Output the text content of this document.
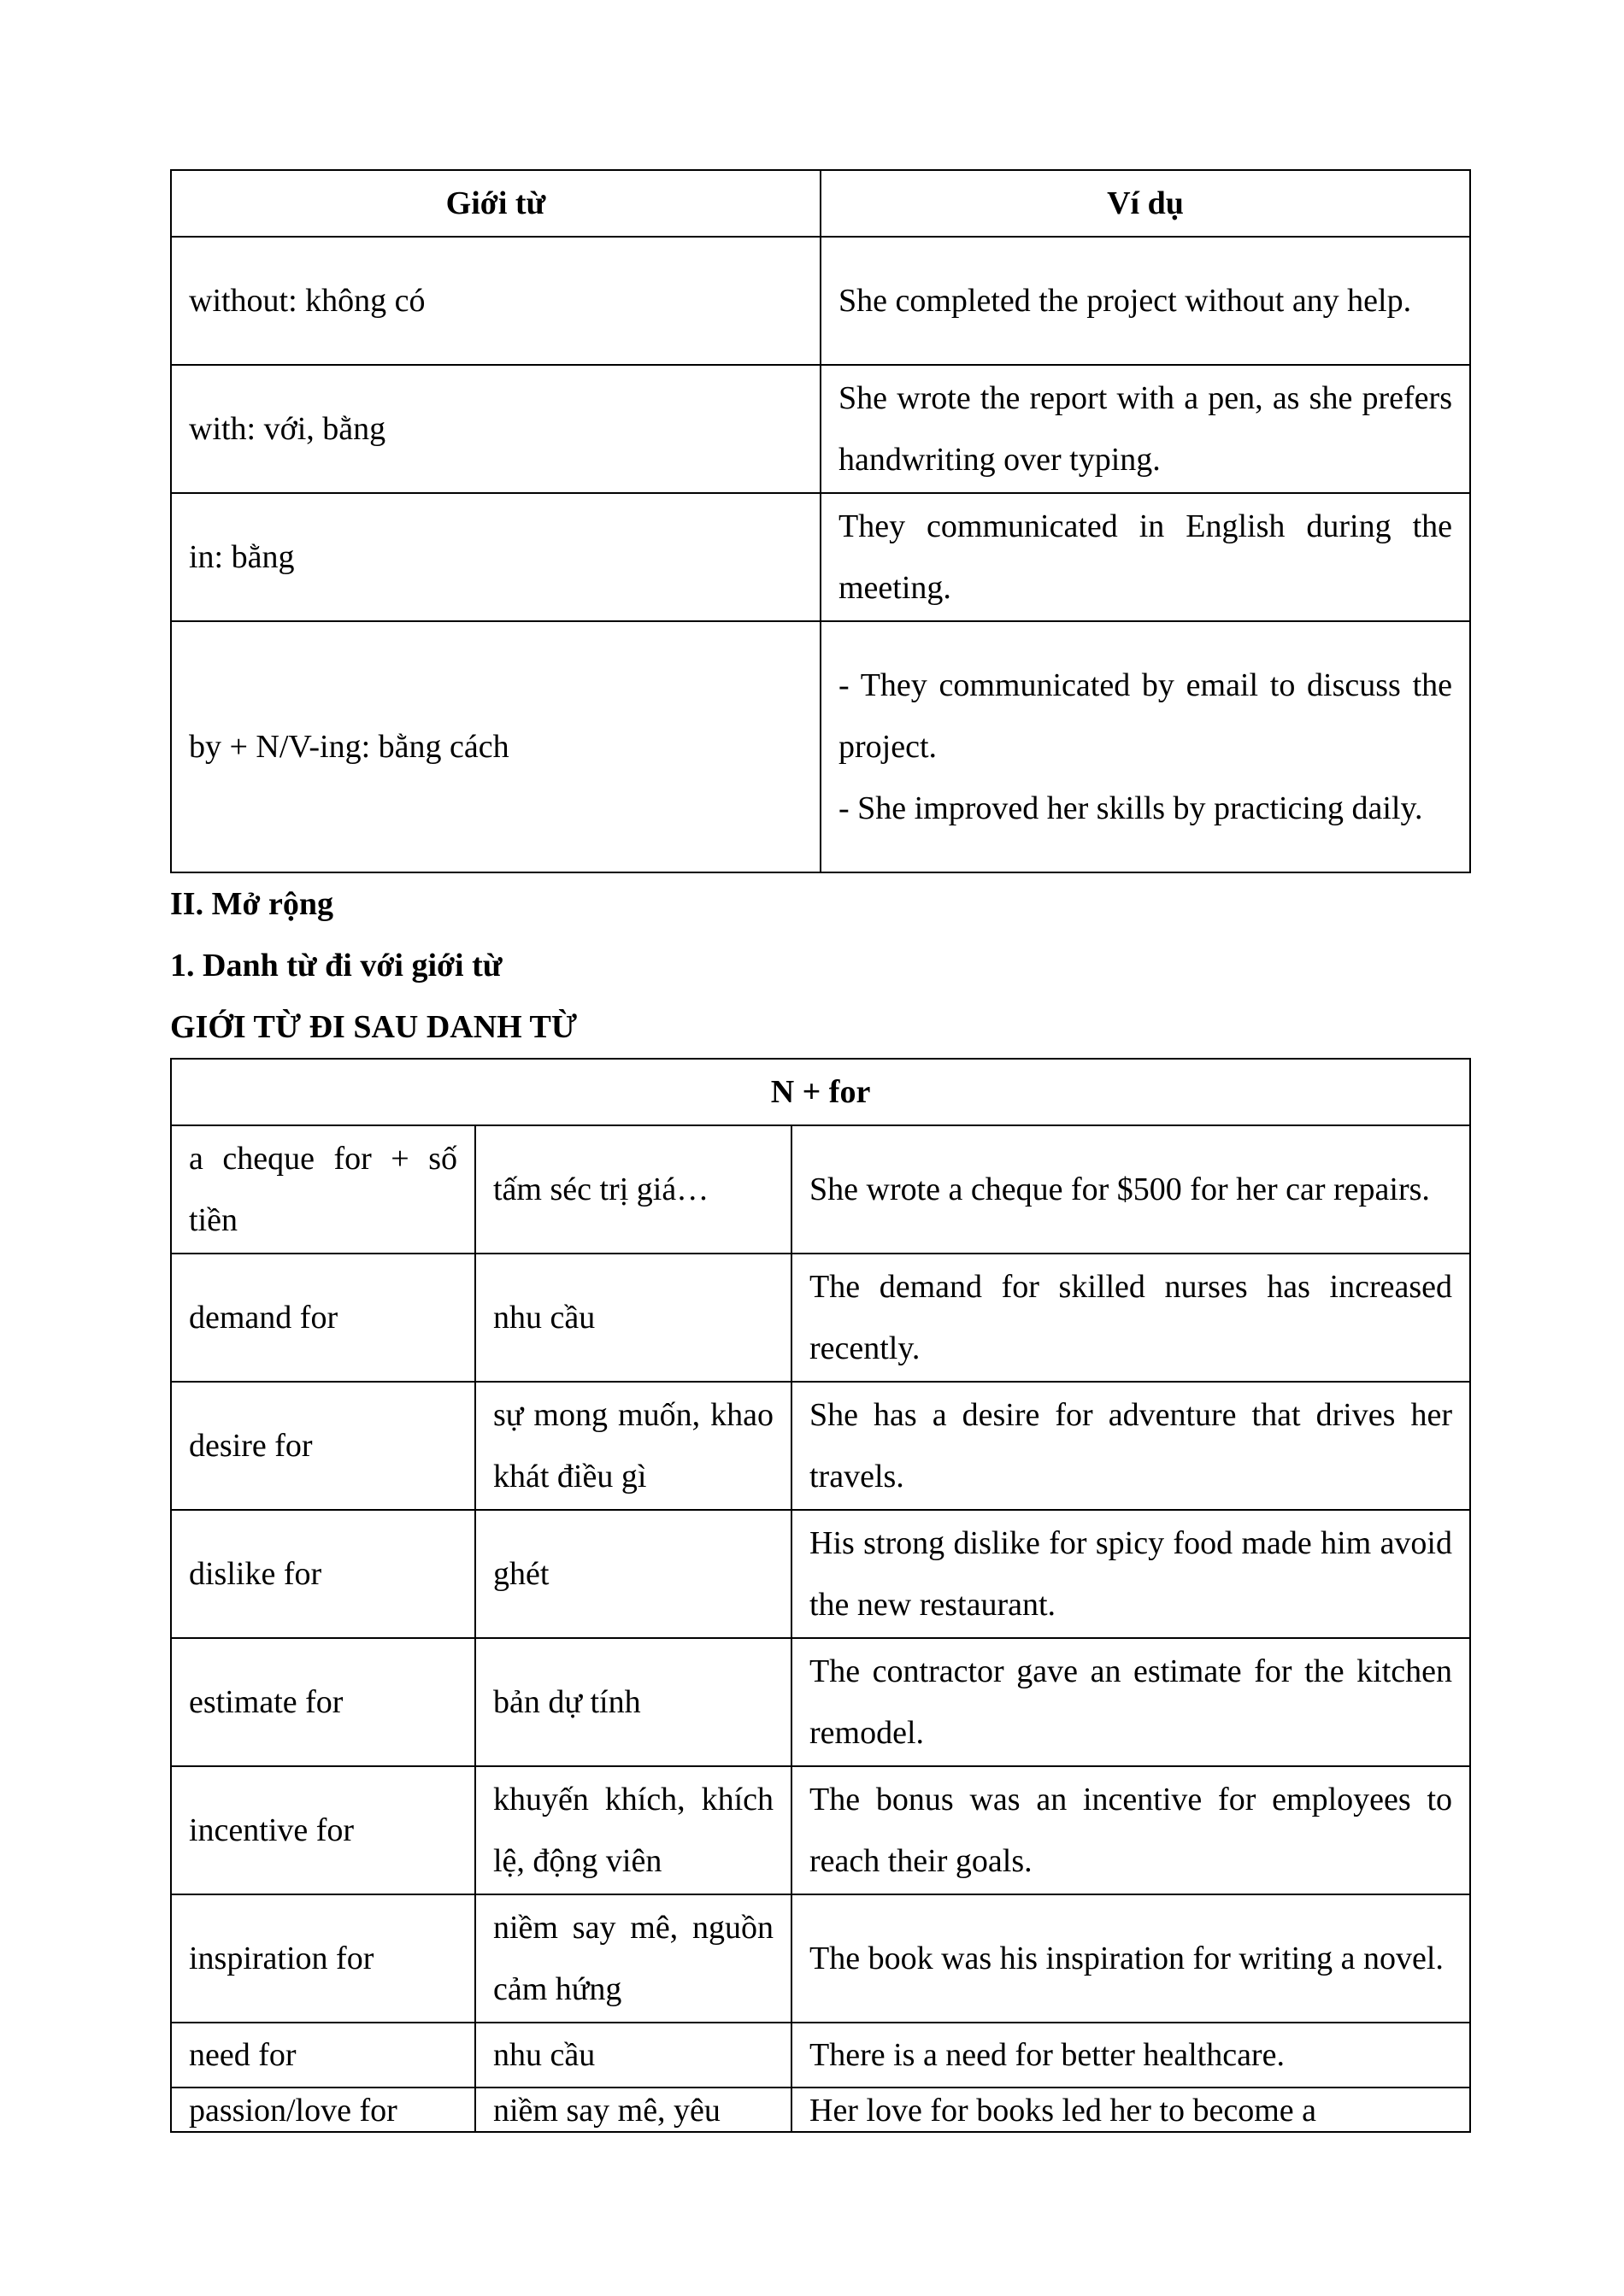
Giới từ	Ví dụ
without: không có	She completed the project without any help.
with: với, bằng	She wrote the report with a pen, as she prefers handwriting over typing.
in: bằng	They communicated in English during the meeting.
by + N/V-ing: bằng cách	- They communicated by email to discuss the project.
- She improved her skills by practicing daily.

II. Mở rộng

1. Danh từ đi với giới từ

GIỚI TỪ ĐI SAU DANH TỪ

N + for		
a cheque for + số tiền	tấm séc trị giá…	She wrote a cheque for $500 for her car repairs.
demand for	nhu cầu	The demand for skilled nurses has increased recently.
desire for	sự mong muốn, khao khát điều gì	She has a desire for adventure that drives her travels.
dislike for	ghét	His strong dislike for spicy food made him avoid the new restaurant.
estimate for	bản dự tính	The contractor gave an estimate for the kitchen remodel.
incentive for	khuyến khích, khích lệ, động viên	The bonus was an incentive for employees to reach their goals.
inspiration for	niềm say mê, nguồn cảm hứng	The book was his inspiration for writing a novel.
need for	nhu cầu	There is a need for better healthcare.

passion/love for	niềm say mê, yêu	Her love for books led her to become a
